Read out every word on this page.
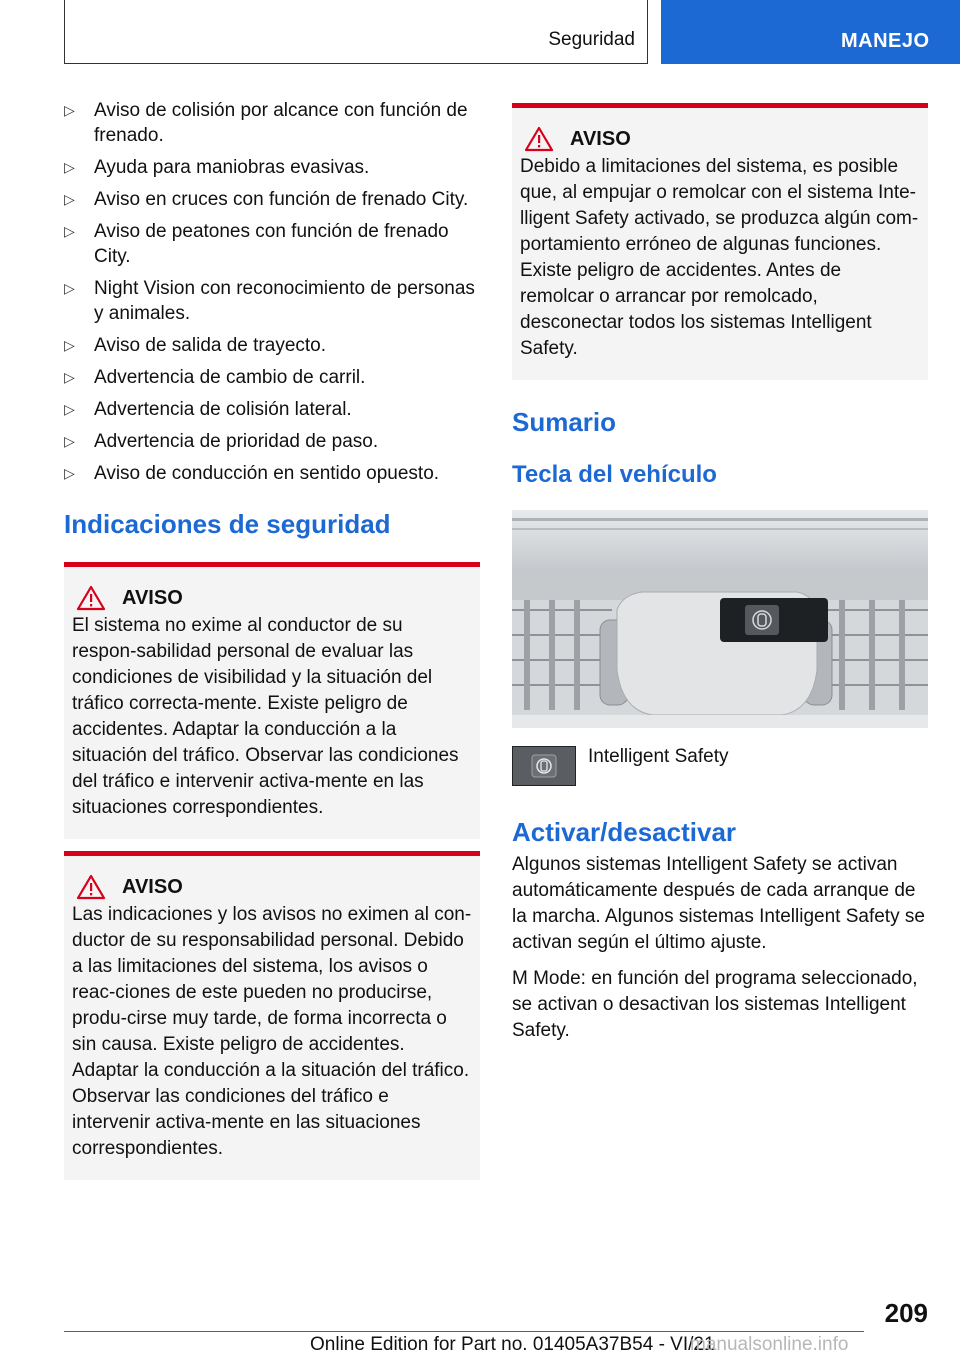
Seguridad	MANEJO
▷ Aviso de colisión por alcance con función de frenado.
▷ Ayuda para maniobras evasivas.
▷ Aviso en cruces con función de frenado City.
▷ Aviso de peatones con función de frenado City.
▷ Night Vision con reconocimiento de personas y animales.
▷ Aviso de salida de trayecto.
▷ Advertencia de cambio de carril.
▷ Advertencia de colisión lateral.
▷ Advertencia de prioridad de paso.
▷ Aviso de conducción en sentido opuesto.
Indicaciones de seguridad
AVISO
El sistema no exime al conductor de su respon-sabilidad personal de evaluar las condiciones de visibilidad y la situación del tráfico correcta-mente. Existe peligro de accidentes. Adaptar la conducción a la situación del tráfico. Observar las condiciones del tráfico e intervenir activa-mente en las situaciones correspondientes.
AVISO
Las indicaciones y los avisos no eximen al con-ductor de su responsabilidad personal. Debido a las limitaciones del sistema, los avisos o reac-ciones de este pueden no producirse, produ-cirse muy tarde, de forma incorrecta o sin causa. Existe peligro de accidentes. Adaptar la conducción a la situación del tráfico. Observar las condiciones del tráfico e intervenir activa-mente en las situaciones correspondientes.
AVISO
Debido a limitaciones del sistema, es posible que, al empujar o remolcar con el sistema Inte-lligent Safety activado, se produzca algún com-portamiento erróneo de algunas funciones. Existe peligro de accidentes. Antes de remolcar o arrancar por remolcado, desconectar todos los sistemas Intelligent Safety.
Sumario
Tecla del vehículo
Intelligent Safety
Activar/desactivar

Algunos sistemas Intelligent Safety se activan automáticamente después de cada arranque de la marcha. Algunos sistemas Intelligent Safety se activan según el último ajuste.

M Mode: en función del programa seleccionado, se activan o desactivan los sistemas Intelligent Safety.

209
Online Edition for Part no. 01405A37B54 - VI/21
manualsonline.info
